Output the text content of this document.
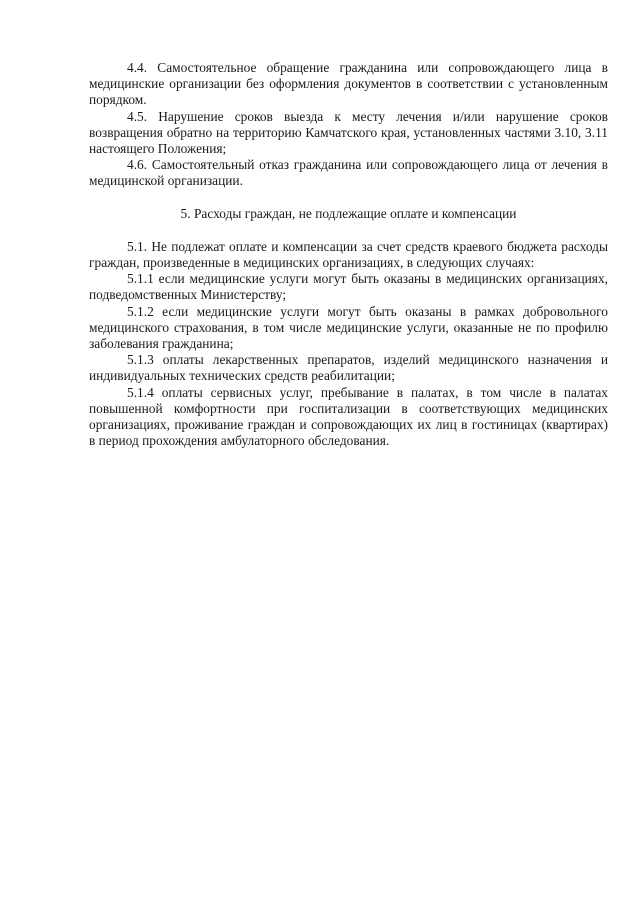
4.4. Самостоятельное обращение гражданина или сопровождающего лица в медицинские организации без оформления документов в соответствии с установленным порядком.

4.5. Нарушение сроков выезда к месту лечения и/или нарушение сроков возвращения обратно на территорию Камчатского края, установленных частями 3.10, 3.11 настоящего Положения;

4.6. Самостоятельный отказ гражданина или сопровождающего лица от лечения в медицинской организации.

5. Расходы граждан, не подлежащие оплате и компенсации

5.1. Не подлежат оплате и компенсации за счет средств краевого бюджета расходы граждан, произведенные в медицинских организациях, в следующих случаях:

5.1.1 если медицинские услуги могут быть оказаны в медицинских организациях, подведомственных Министерству;

5.1.2 если медицинские услуги могут быть оказаны в рамках добровольного медицинского страхования, в том числе медицинские услуги, оказанные не по профилю заболевания гражданина;

5.1.3 оплаты лекарственных препаратов, изделий медицинского назначения и индивидуальных технических средств реабилитации;

5.1.4 оплаты сервисных услуг, пребывание в палатах, в том числе в палатах повышенной комфортности при госпитализации в соответствующих медицинских организациях, проживание граждан и сопровождающих их лиц в гостиницах (квартирах) в период прохождения амбулаторного обследования.
